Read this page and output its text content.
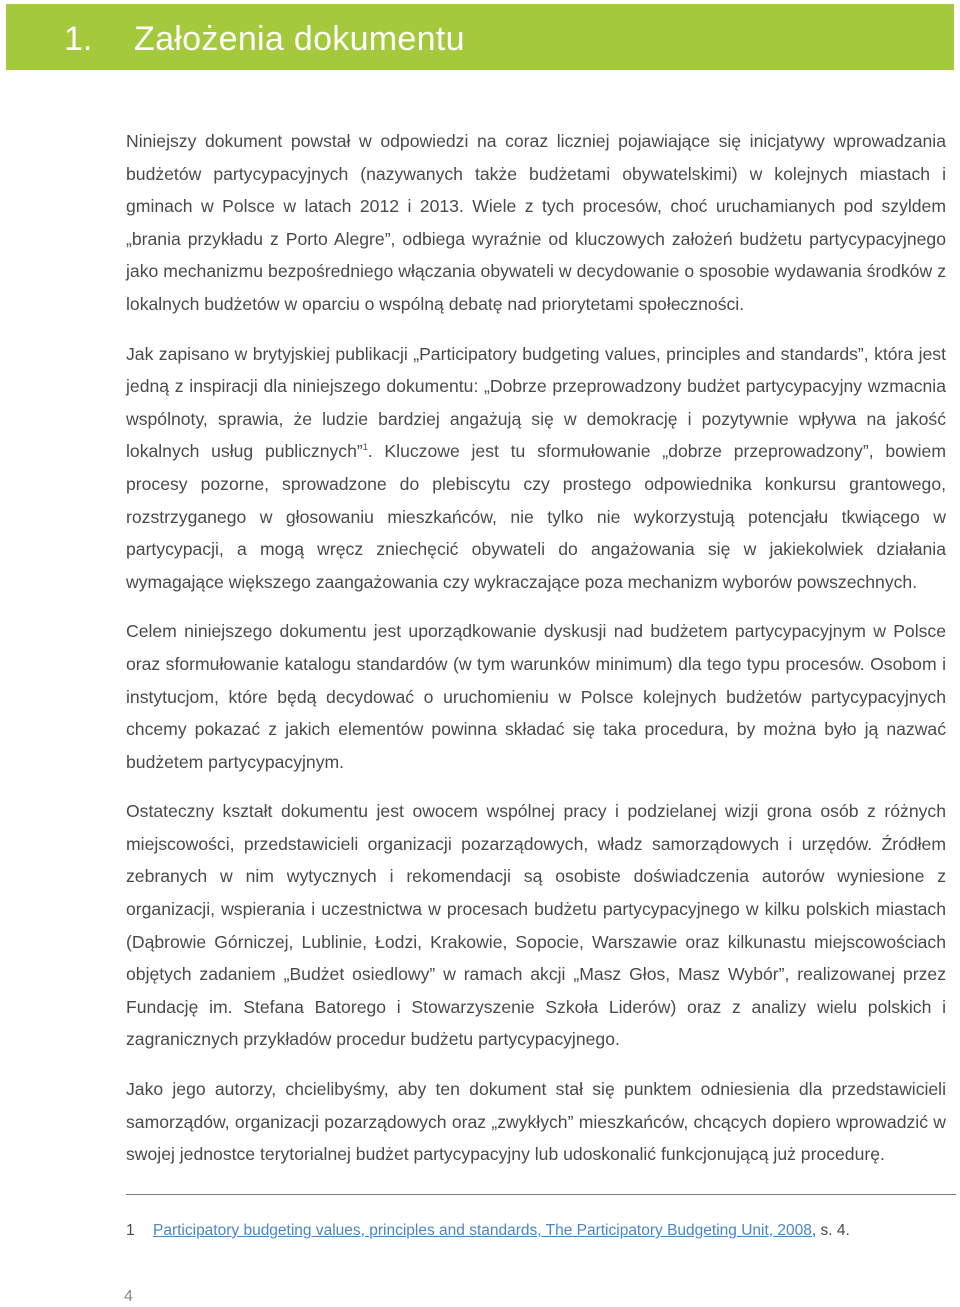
1. Założenia dokumentu

Niniejszy dokument powstał w odpowiedzi na coraz liczniej pojawiające się inicjatywy wprowadzania budżetów partycypacyjnych (nazywanych także budżetami obywatelskimi) w kolejnych miastach i gminach w Polsce w latach 2012 i 2013. Wiele z tych procesów, choć uruchamianych pod szyldem „brania przykładu z Porto Alegre”, odbiega wyraźnie od kluczowych założeń budżetu partycypacyjnego jako mechanizmu bezpośredniego włączania obywateli w decydowanie o sposobie wydawania środków z lokalnych budżetów w oparciu o wspólną debatę nad priorytetami społeczności.

Jak zapisano w brytyjskiej publikacji „Participatory budgeting values, principles and standards”, która jest jedną z inspiracji dla niniejszego dokumentu: „Dobrze przeprowadzony budżet partycypacyjny wzmacnia wspólnoty, sprawia, że ludzie bardziej angażują się w demokrację i pozytywnie wpływa na jakość lokalnych usług publicznych”$^1$. Kluczowe jest tu sformułowanie „dobrze przeprowadzony”, bowiem procesy pozorne, sprowadzone do plebiscytu czy prostego odpowiednika konkursu grantowego, rozstrzyganego w głosowaniu mieszkańców, nie tylko nie wykorzystują potencjału tkwiącego w partycypacji, a mogą wręcz zniechęcić obywateli do angażowania się w jakiekolwiek działania wymagające większego zaangażowania czy wykraczające poza mechanizm wyborów powszechnych.

Celem niniejszego dokumentu jest uporządkowanie dyskusji nad budżetem partycypacyjnym w Polsce oraz sformułowanie katalogu standardów (w tym warunków minimum) dla tego typu procesów. Osobom i instytucjom, które będą decydować o uruchomieniu w Polsce kolejnych budżetów partycypacyjnych chcemy pokazać z jakich elementów powinna składać się taka procedura, by można było ją nazwać budżetem partycypacyjnym.

Ostateczny kształt dokumentu jest owocem wspólnej pracy i podzielanej wizji grona osób z różnych miejscowości, przedstawicieli organizacji pozarządowych, władz samorządowych i urzędów. Źródłem zebranych w nim wytycznych i rekomendacji są osobiste doświadczenia autorów wyniesione z organizacji, wspierania i uczestnictwa w procesach budżetu partycypacyjnego w kilku polskich miastach (Dąbrowie Górniczej, Lublinie, Łodzi, Krakowie, Sopocie, Warszawie oraz kilkunastu miejscowościach objętych zadaniem „Budżet osiedlowy” w ramach akcji „Masz Głos, Masz Wybór”, realizowanej przez Fundację im. Stefana Batorego i Stowarzyszenie Szkoła Liderów) oraz z analizy wielu polskich i zagranicznych przykładów procedur budżetu partycypacyjnego.

Jako jego autorzy, chcielibyśmy, aby ten dokument stał się punktem odniesienia dla przedstawicieli samorządów, organizacji pozarządowych oraz „zwykłych” mieszkańców, chcących dopiero wprowadzić w swojej jednostce terytorialnej budżet partycypacyjny lub udoskonalić funkcjonującą już procedurę.

1 Participatory budgeting values, principles and standards, The Participatory Budgeting Unit, 2008, s. 4.
4
